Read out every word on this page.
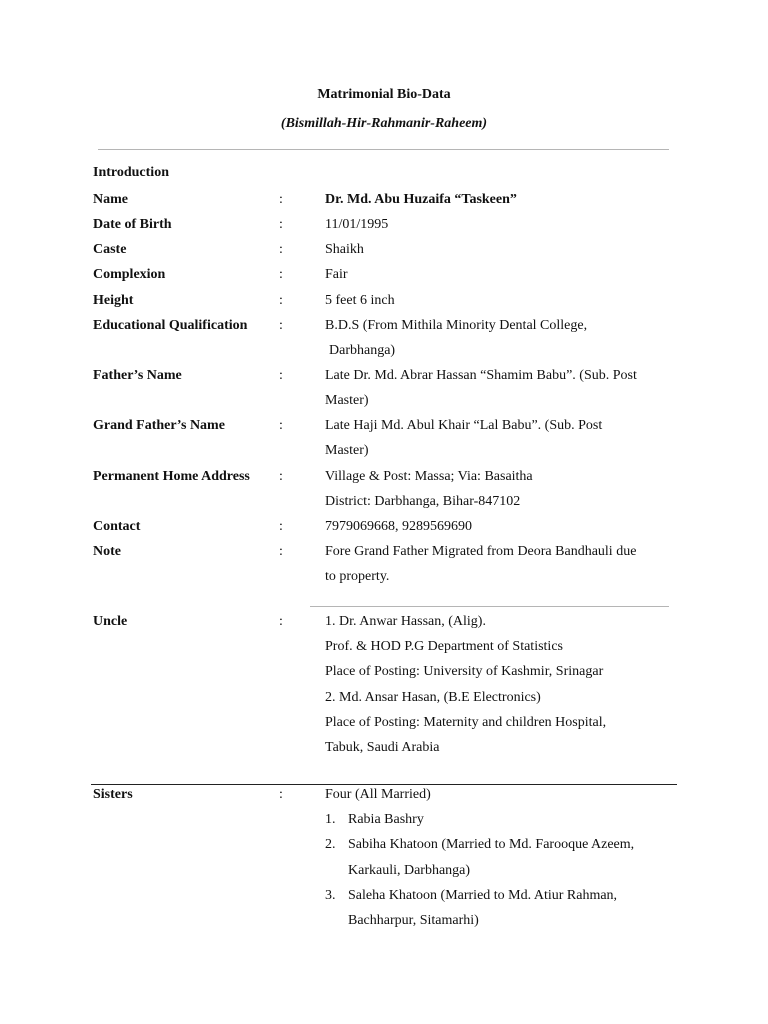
Matrimonial Bio-Data
(Bismillah-Hir-Rahmanir-Raheem)
Introduction
Name	:	Dr. Md. Abu Huzaifa “Taskeen”
Date of Birth	:	11/01/1995
Caste	:	Shaikh
Complexion	:	Fair
Height	:	5 feet 6 inch
Educational Qualification :	B.D.S (From Mithila Minority Dental College,
Darbhanga)
Father’s Name	:	Late Dr. Md. Abrar Hassan “Shamim Babu”. (Sub. Post
Master)
Grand Father’s Name	:	Late Haji Md. Abul Khair “Lal Babu”. (Sub. Post
Master)
Permanent Home Address :	Village & Post: Massa; Via: Basaitha
District: Darbhanga, Bihar-847102
Contact	:	7979069668, 9289569690
Note	:	Fore Grand Father Migrated from Deora Bandhauli due
to property.
Uncle	:	1. Dr. Anwar Hassan, (Alig).
Prof. & HOD P.G Department of Statistics
Place of Posting: University of Kashmir, Srinagar
2. Md. Ansar Hasan, (B.E Electronics)
Place of Posting: Maternity and children Hospital,
Tabuk, Saudi Arabia
Sisters	:	Four (All Married)
1. Rabia Bashry
2. Sabiha Khatoon (Married to Md. Farooque Azeem,
Karkauli, Darbhanga)
3. Saleha Khatoon (Married to Md. Atiur Rahman,
Bachharpur, Sitamarhi)
